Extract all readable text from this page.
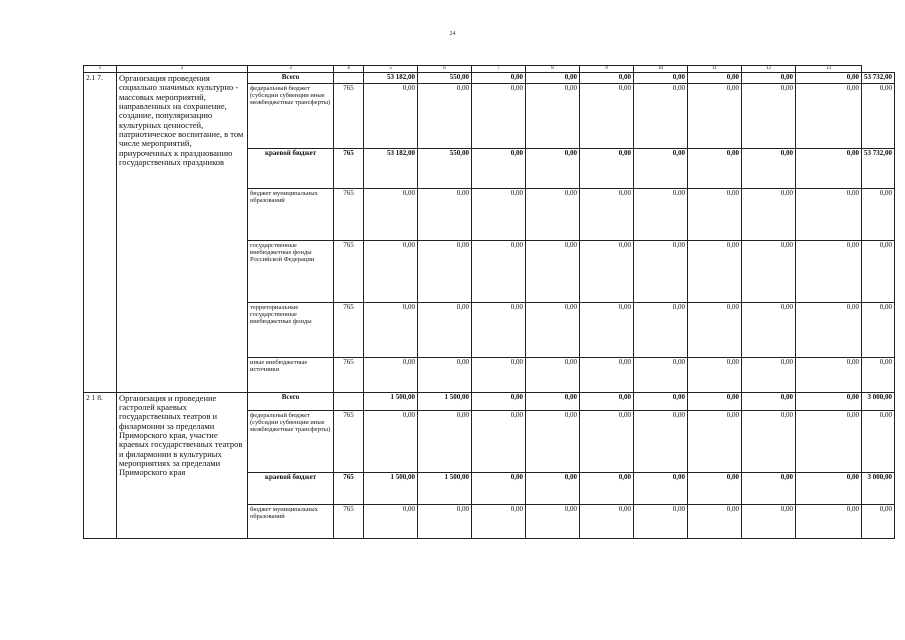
24
1	2	3	4	5	6	7	8	9	10	11	12	13	
2.1 7.	Организация проведения социально значимых культурно - массовых мероприятий, направленных на сохранение, создание, популяризацию культурных ценностей, патриотическое воспитание, в том числе мероприятий, приуроченных к празднованию государственных праздников	Всего		53 182,00	550,00	0,00	0,00	0,00	0,00	0,00	0,00	0,00	53 732,00
		федеральный бюджет (субсидии субвенции иные межбюджетные трансферты)	765	0,00	0,00	0,00	0,00	0,00	0,00	0,00	0,00	0,00	0,00
		краевой бюджет	765	53 182,00	550,00	0,00	0,00	0,00	0,00	0,00	0,00	0,00	53 732,00
		бюджет муниципальных образований	765	0,00	0,00	0,00	0,00	0,00	0,00	0,00	0,00	0,00	0,00
		государственные внебюджетные фонды Российской Федерации	765	0,00	0,00	0,00	0,00	0,00	0,00	0,00	0,00	0,00	0,00
		территориальные государственные внебюджетные фонды	765	0,00	0,00	0,00	0,00	0,00	0,00	0,00	0,00	0,00	0,00
		иные внебюджетные источники	765	0,00	0,00	0,00	0,00	0,00	0,00	0,00	0,00	0,00	0,00
2 1 8.	Организация и проведение гастролей краевых государственных театров и филармонии за пределами Приморского края, участие краевых государственных театров и филармонии в культурных мероприятиях за пределами Приморского края	Всего		1 500,00	1 500,00	0,00	0,00	0,00	0,00	0,00	0,00	0,00	3 000,00
		федеральный бюджет (субсидии субвенции иные межбюджетные трансферты)	765	0,00	0,00	0,00	0,00	0,00	0,00	0,00	0,00	0,00	0,00
		краевой бюджет	765	1 500,00	1 500,00	0,00	0,00	0,00	0,00	0,00	0,00	0,00	3 000,00
		бюджет муниципальных образований	765	0,00	0,00	0,00	0,00	0,00	0,00	0,00	0,00	0,00	0,00
